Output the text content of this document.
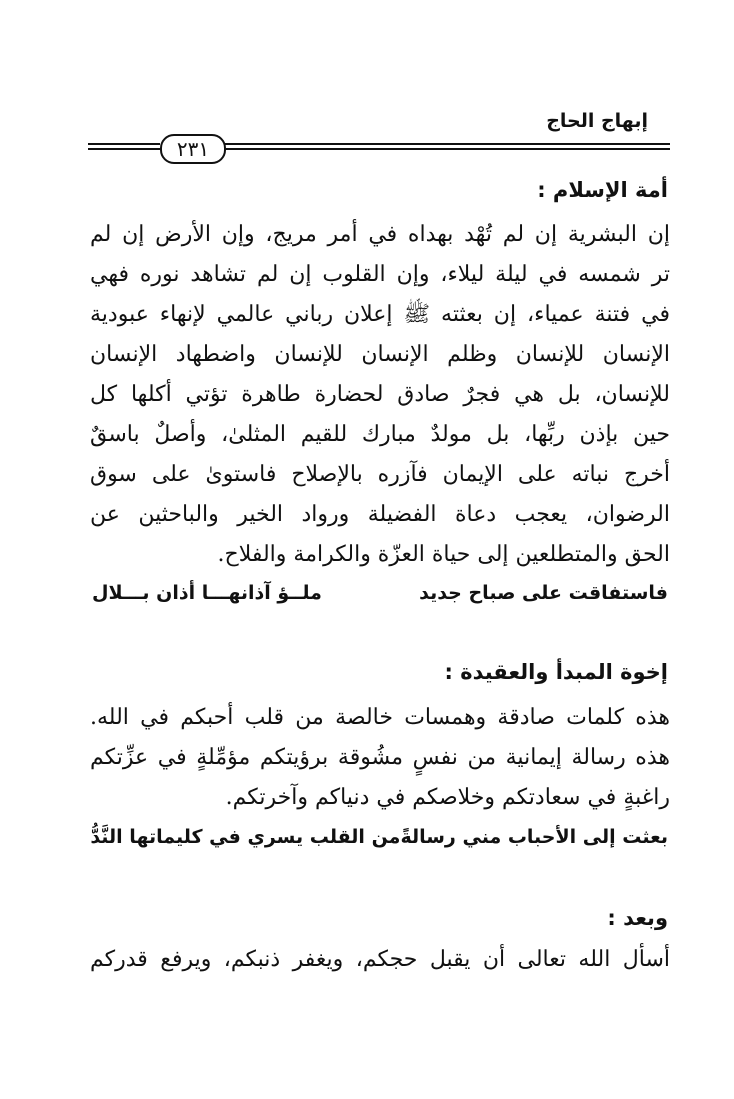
إبهاج الحاج
٢٣١
أمة الإسلام :
إن البشرية إن لم تُهْد بهداه في أمر مريج، وإن الأرض إن لم
تر شمسه في ليلة ليلاء، وإن القلوب إن لم تشاهد نوره فهي
في فتنة عمياء، إن بعثته ﷺ إعلان رباني عالمي لإنهاء عبودية
الإنسان للإنسان وظلم الإنسان للإنسان واضطهاد الإنسان
للإنسان، بل هي فجرٌ صادق لحضارة طاهرة تؤتي أكلها كل
حين بإذن ربِّها، بل مولدٌ مبارك للقيم المثلىٰ، وأصلٌ باسقٌ
أخرج نباته على الإيمان فآزره بالإصلاح فاستوىٰ على سوق
الرضوان، يعجب دعاة الفضيلة ورواد الخير والباحثين عن
الحق والمتطلعين إلى حياة العزّة والكرامة والفلاح.
فاستفاقت على صباح جديد
ملــؤ آذانهـــا أذان بـــلال
إخوة المبدأ والعقيدة :
هذه كلمات صادقة وهمسات خالصة من قلب أحبكم في الله.
هذه رسالة إيمانية من نفسٍ مشُوقة برؤيتكم مؤمِّلةٍ في عزِّتكم
راغبةٍ في سعادتكم وخلاصكم في دنياكم وآخرتكم.
بعثت إلى الأحباب مني رسالةً
من القلب يسري في كليماتها النَّدُّ
وبعد :
أسأل الله تعالى أن يقبل حجكم، ويغفر ذنبكم، ويرفع قدركم
